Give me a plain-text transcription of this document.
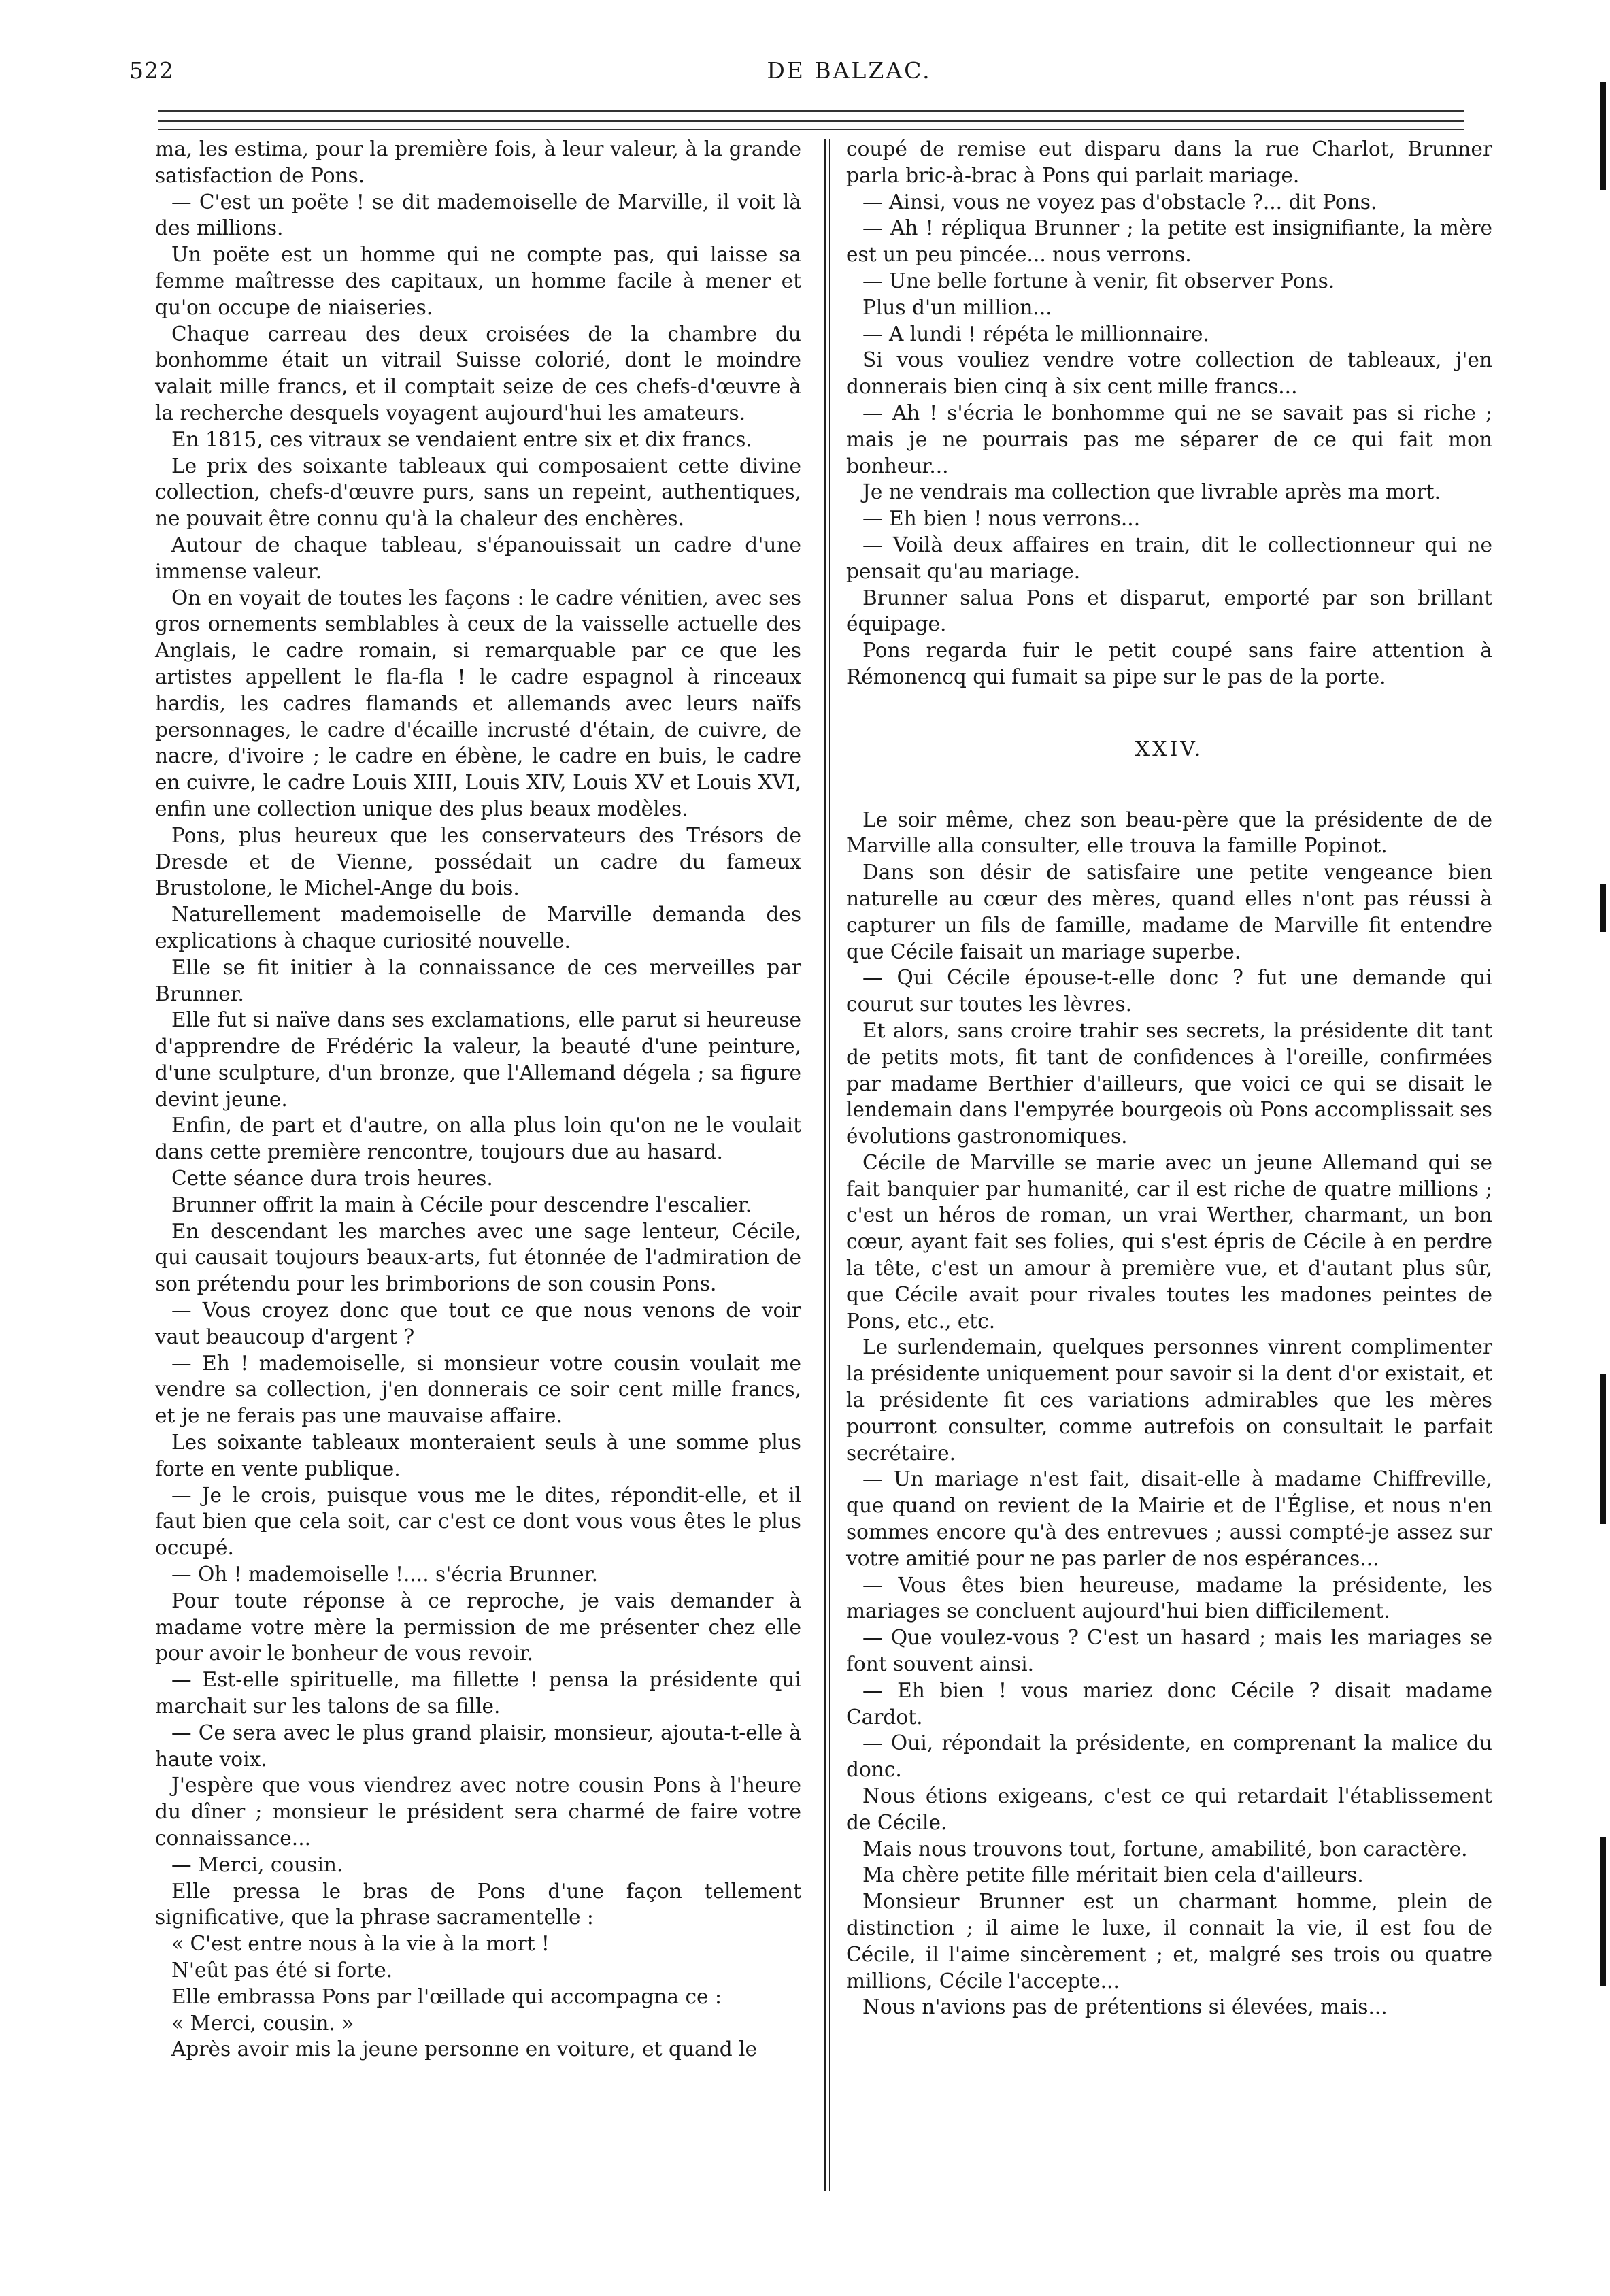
522	DE BALZAC.

ma, les estima, pour la première fois, à leur valeur, à la grande satisfaction de Pons.

— C'est un poëte ! se dit mademoiselle de Marville, il voit là des millions.

Un poëte est un homme qui ne compte pas, qui laisse sa femme maîtresse des capitaux, un homme facile à mener et qu'on occupe de niaiseries.

Chaque carreau des deux croisées de la chambre du bonhomme était un vitrail Suisse colorié, dont le moindre valait mille francs, et il comptait seize de ces chefs-d'œuvre à la recherche desquels voyagent aujourd'hui les amateurs.

En 1815, ces vitraux se vendaient entre six et dix francs.

Le prix des soixante tableaux qui composaient cette divine collection, chefs-d'œuvre purs, sans un repeint, authentiques, ne pouvait être connu qu'à la chaleur des enchères.

Autour de chaque tableau, s'épanouissait un cadre d'une immense valeur.

On en voyait de toutes les façons : le cadre vénitien, avec ses gros ornements semblables à ceux de la vaisselle actuelle des Anglais, le cadre romain, si remarquable par ce que les artistes appellent le fla-fla ! le cadre espagnol à rinceaux hardis, les cadres flamands et allemands avec leurs naïfs personnages, le cadre d'écaille incrusté d'étain, de cuivre, de nacre, d'ivoire ; le cadre en ébène, le cadre en buis, le cadre en cuivre, le cadre Louis XIII, Louis XIV, Louis XV et Louis XVI, enfin une collection unique des plus beaux modèles.

Pons, plus heureux que les conservateurs des Trésors de Dresde et de Vienne, possédait un cadre du fameux Brustolone, le Michel-Ange du bois.

Naturellement mademoiselle de Marville demanda des explications à chaque curiosité nouvelle.

Elle se fit initier à la connaissance de ces merveilles par Brunner.

Elle fut si naïve dans ses exclamations, elle parut si heureuse d'apprendre de Frédéric la valeur, la beauté d'une peinture, d'une sculpture, d'un bronze, que l'Allemand dégela ; sa figure devint jeune.

Enfin, de part et d'autre, on alla plus loin qu'on ne le voulait dans cette première rencontre, toujours due au hasard.

Cette séance dura trois heures.

Brunner offrit la main à Cécile pour descendre l'escalier.

En descendant les marches avec une sage lenteur, Cécile, qui causait toujours beaux-arts, fut étonnée de l'admiration de son prétendu pour les brimborions de son cousin Pons.

— Vous croyez donc que tout ce que nous venons de voir vaut beaucoup d'argent ?

— Eh ! mademoiselle, si monsieur votre cousin voulait me vendre sa collection, j'en donnerais ce soir cent mille francs, et je ne ferais pas une mauvaise affaire.

Les soixante tableaux monteraient seuls à une somme plus forte en vente publique.

— Je le crois, puisque vous me le dites, répondit-elle, et il faut bien que cela soit, car c'est ce dont vous vous êtes le plus occupé.

— Oh ! mademoiselle !.... s'écria Brunner.

Pour toute réponse à ce reproche, je vais demander à madame votre mère la permission de me présenter chez elle pour avoir le bonheur de vous revoir.

— Est-elle spirituelle, ma fillette ! pensa la présidente qui marchait sur les talons de sa fille.

— Ce sera avec le plus grand plaisir, monsieur, ajouta-t-elle à haute voix.

J'espère que vous viendrez avec notre cousin Pons à l'heure du dîner ; monsieur le président sera charmé de faire votre connaissance...

— Merci, cousin.

Elle pressa le bras de Pons d'une façon tellement significative, que la phrase sacramentelle :

« C'est entre nous à la vie à la mort !

N'eût pas été si forte.

Elle embrassa Pons par l'œillade qui accompagna ce :

« Merci, cousin. »

Après avoir mis la jeune personne en voiture, et quand le

coupé de remise eut disparu dans la rue Charlot, Brunner parla bric-à-brac à Pons qui parlait mariage.

— Ainsi, vous ne voyez pas d'obstacle ?... dit Pons.

— Ah ! répliqua Brunner ; la petite est insignifiante, la mère est un peu pincée... nous verrons.

— Une belle fortune à venir, fit observer Pons.

Plus d'un million...

— A lundi ! répéta le millionnaire.

Si vous vouliez vendre votre collection de tableaux, j'en donnerais bien cinq à six cent mille francs...

— Ah ! s'écria le bonhomme qui ne se savait pas si riche ; mais je ne pourrais pas me séparer de ce qui fait mon bonheur...

Je ne vendrais ma collection que livrable après ma mort.

— Eh bien ! nous verrons...

— Voilà deux affaires en train, dit le collectionneur qui ne pensait qu'au mariage.

Brunner salua Pons et disparut, emporté par son brillant équipage.

Pons regarda fuir le petit coupé sans faire attention à Rémonencq qui fumait sa pipe sur le pas de la porte.

XXIV.

Le soir même, chez son beau-père que la présidente de de Marville alla consulter, elle trouva la famille Popinot.

Dans son désir de satisfaire une petite vengeance bien naturelle au cœur des mères, quand elles n'ont pas réussi à capturer un fils de famille, madame de Marville fit entendre que Cécile faisait un mariage superbe.

— Qui Cécile épouse-t-elle donc ? fut une demande qui courut sur toutes les lèvres.

Et alors, sans croire trahir ses secrets, la présidente dit tant de petits mots, fit tant de confidences à l'oreille, confirmées par madame Berthier d'ailleurs, que voici ce qui se disait le lendemain dans l'empyrée bourgeois où Pons accomplissait ses évolutions gastronomiques.

Cécile de Marville se marie avec un jeune Allemand qui se fait banquier par humanité, car il est riche de quatre millions ; c'est un héros de roman, un vrai Werther, charmant, un bon cœur, ayant fait ses folies, qui s'est épris de Cécile à en perdre la tête, c'est un amour à première vue, et d'autant plus sûr, que Cécile avait pour rivales toutes les madones peintes de Pons, etc., etc.

Le surlendemain, quelques personnes vinrent complimenter la présidente uniquement pour savoir si la dent d'or existait, et la présidente fit ces variations admirables que les mères pourront consulter, comme autrefois on consultait le parfait secrétaire.

— Un mariage n'est fait, disait-elle à madame Chiffreville, que quand on revient de la Mairie et de l'Église, et nous n'en sommes encore qu'à des entrevues ; aussi compté-je assez sur votre amitié pour ne pas parler de nos espérances...

— Vous êtes bien heureuse, madame la présidente, les mariages se concluent aujourd'hui bien difficilement.

— Que voulez-vous ? C'est un hasard ; mais les mariages se font souvent ainsi.

— Eh bien ! vous mariez donc Cécile ? disait madame Cardot.

— Oui, répondait la présidente, en comprenant la malice du donc.

Nous étions exigeans, c'est ce qui retardait l'établissement de Cécile.

Mais nous trouvons tout, fortune, amabilité, bon caractère.

Ma chère petite fille méritait bien cela d'ailleurs.

Monsieur Brunner est un charmant homme, plein de distinction ; il aime le luxe, il connait la vie, il est fou de Cécile, il l'aime sincèrement ; et, malgré ses trois ou quatre millions, Cécile l'accepte...

Nous n'avions pas de prétentions si élevées, mais...
